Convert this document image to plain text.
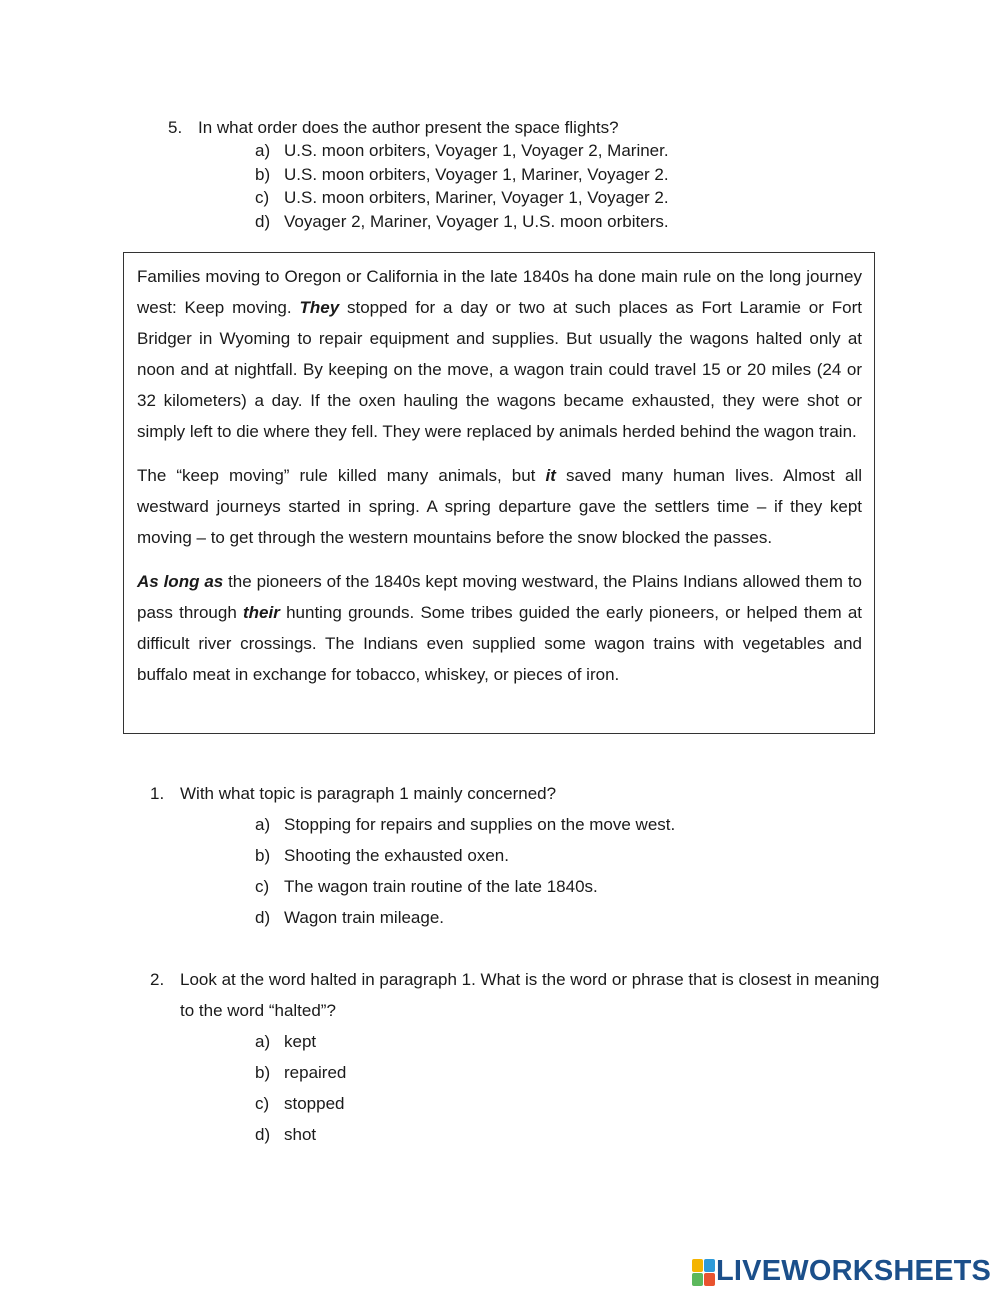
5. In what order does the author present the space flights?
a) U.S. moon orbiters, Voyager 1, Voyager 2, Mariner.
b) U.S. moon orbiters, Voyager 1, Mariner, Voyager 2.
c) U.S. moon orbiters, Mariner, Voyager 1, Voyager 2.
d) Voyager 2, Mariner, Voyager 1, U.S. moon orbiters.

Families moving to Oregon or California in the late 1840s ha done main rule on the long journey west: Keep moving. They stopped for a day or two at such places as Fort Laramie or Fort Bridger in Wyoming to repair equipment and supplies. But usually the wagons halted only at noon and at nightfall. By keeping on the move, a wagon train could travel 15 or 20 miles (24 or 32 kilometers) a day. If the oxen hauling the wagons became exhausted, they were shot or simply left to die where they fell. They were replaced by animals herded behind the wagon train.

The “keep moving” rule killed many animals, but it saved many human lives. Almost all westward journeys started in spring. A spring departure gave the settlers time – if they kept moving – to get through the western mountains before the snow blocked the passes.

As long as the pioneers of the 1840s kept moving westward, the Plains Indians allowed them to pass through their hunting grounds. Some tribes guided the early pioneers, or helped them at difficult river crossings. The Indians even supplied some wagon trains with vegetables and buffalo meat in exchange for tobacco, whiskey, or pieces of iron.

1. With what topic is paragraph 1 mainly concerned?
a) Stopping for repairs and supplies on the move west.
b) Shooting the exhausted oxen.
c) The wagon train routine of the late 1840s.
d) Wagon train mileage.
2. Look at the word halted in paragraph 1. What is the word or phrase that is closest in meaning to the word “halted”?
a) kept
b) repaired
c) stopped
d) shot
LIVEWORKSHEETS
